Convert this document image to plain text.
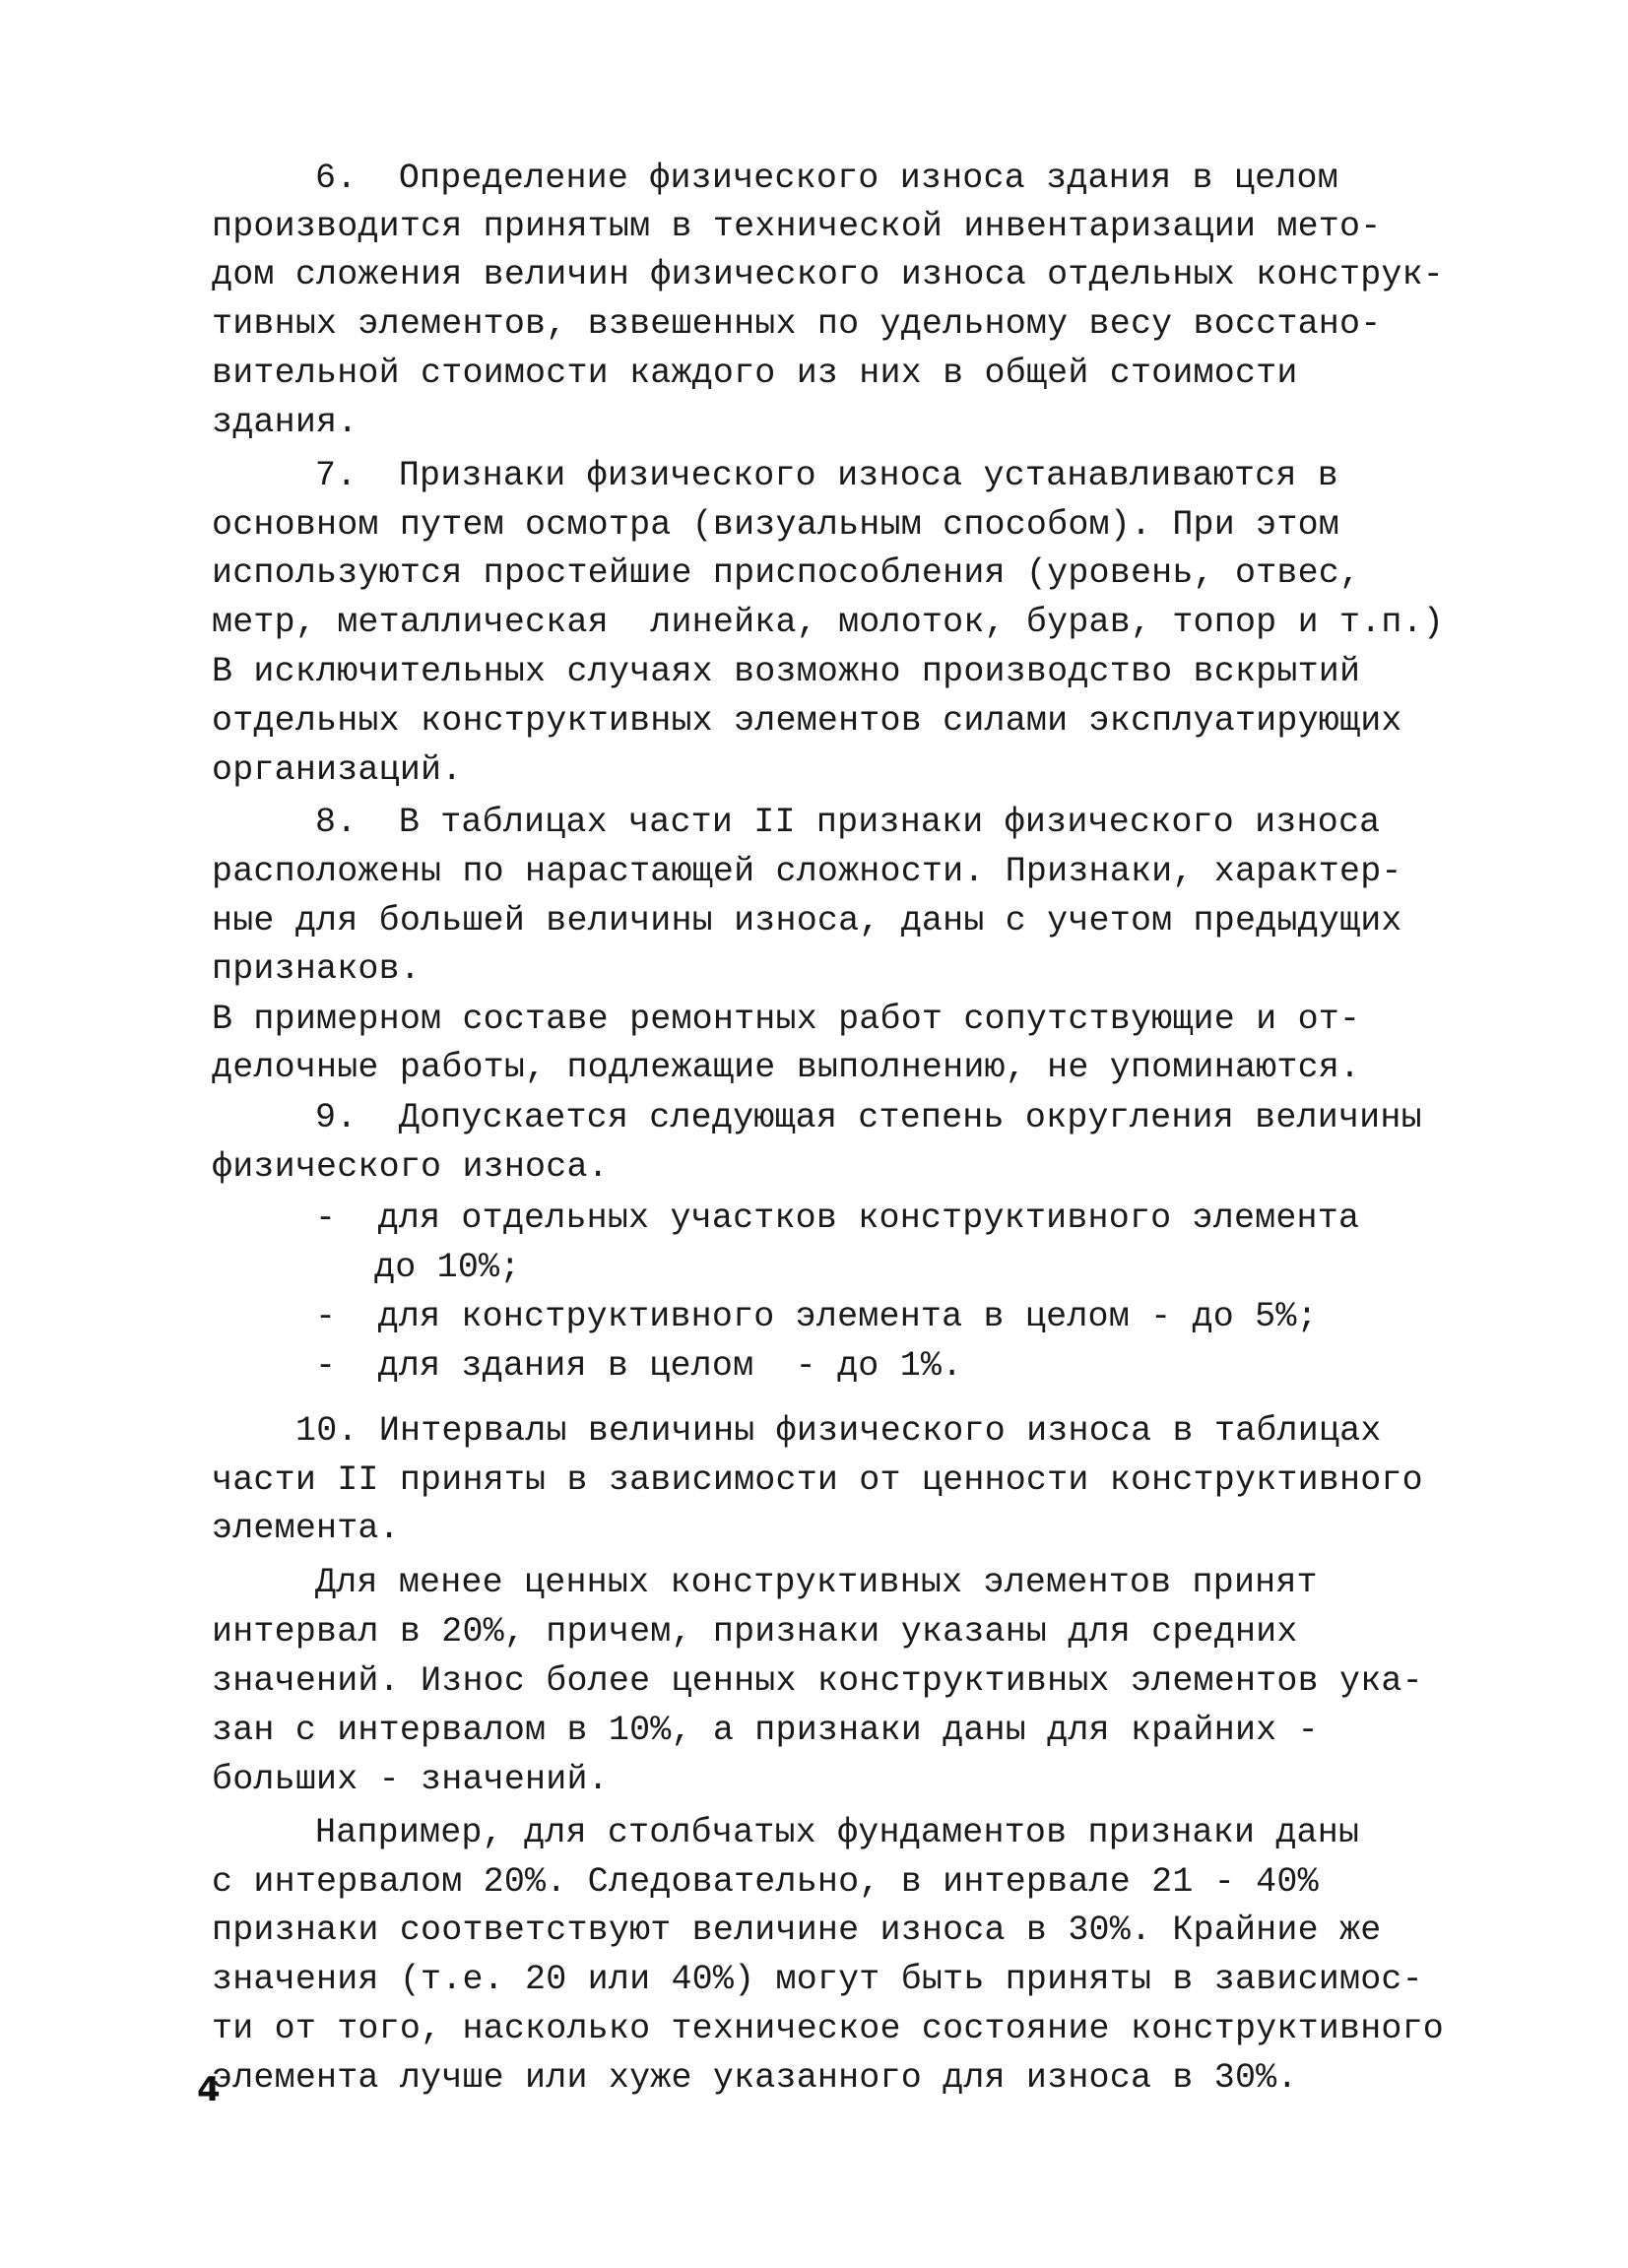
6.  Определение физического износа здания в целом
производится принятым в технической инвентаризации мето-
дом сложения величин физического износа отдельных конструк-
тивных элементов, взвешенных по удельному весу восстано-
вительной стоимости каждого из них в общей стоимости
здания.
7.  Признаки физического износа устанавливаются в
основном путем осмотра (визуальным способом). При этом
используются простейшие приспособления (уровень, отвес,
метр, металлическая  линейка, молоток, бурав, топор и т.п.)
В исключительных случаях возможно производство вскрытий
отдельных конструктивных элементов силами эксплуатирующих
организаций.
8.  В таблицах части II признаки физического износа
расположены по нарастающей сложности. Признаки, характер-
ные для большей величины износа, даны с учетом предыдущих
признаков.
В примерном составе ремонтных работ сопутствующие и от-
делочные работы, подлежащие выполнению, не упоминаются.
9.  Допускается следующая степень округления величины
физического износа.
-  для отдельных участков конструктивного элемента
до 10%;
-  для конструктивного элемента в целом - до 5%;
-  для здания в целом  - до 1%.
10. Интервалы величины физического износа в таблицах
части II приняты в зависимости от ценности конструктивного
элемента.
Для менее ценных конструктивных элементов принят
интервал в 20%, причем, признаки указаны для средних
значений. Износ более ценных конструктивных элементов ука-
зан с интервалом в 10%, а признаки даны для крайних -
больших - значений.
Например, для столбчатых фундаментов признаки даны
с интервалом 20%. Следовательно, в интервале 21 - 40%
признаки соответствуют величине износа в 30%. Крайние же
значения (т.е. 20 или 40%) могут быть приняты в зависимос-
ти от того, насколько техническое состояние конструктивного
элемента лучше или хуже указанного для износа в 30%.
4
